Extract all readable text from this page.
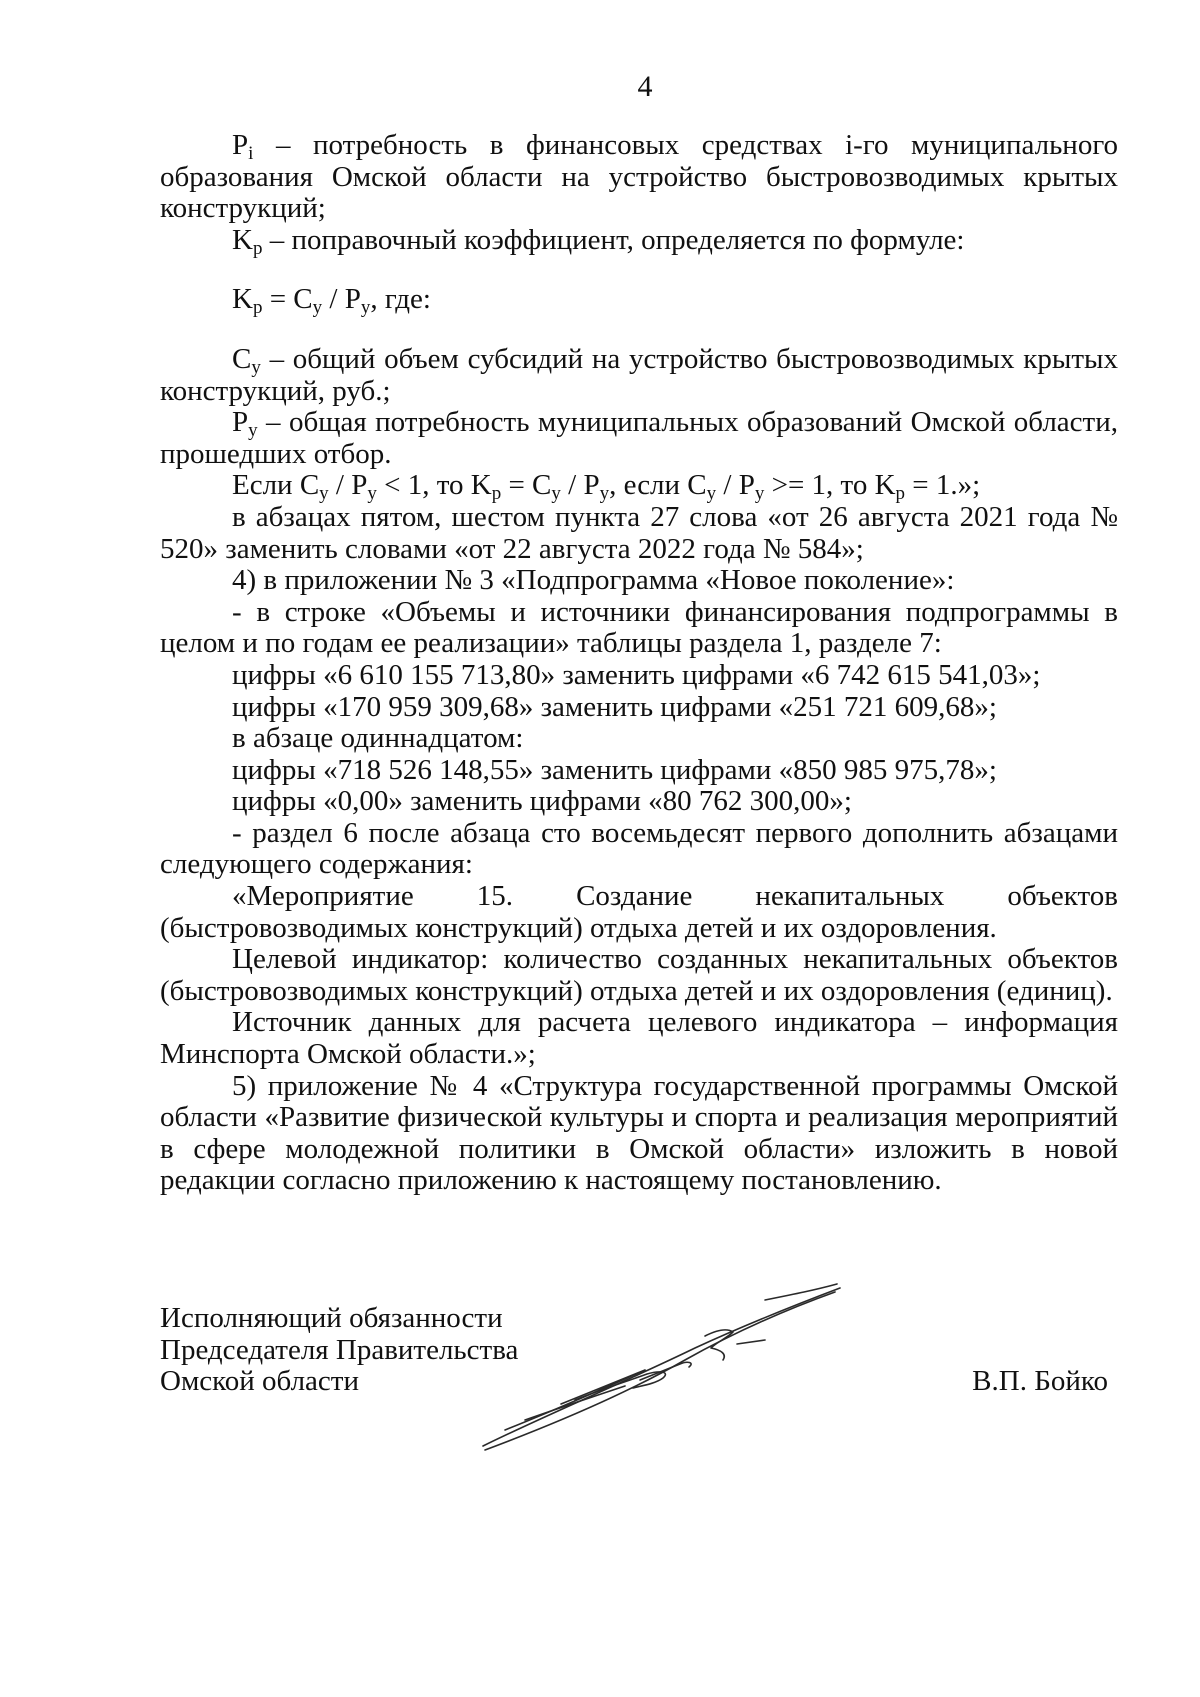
4

$P_i$ – потребность в финансовых средствах i-го муниципального образования Омской области на устройство быстровозводимых крытых конструкций;

$K_p$ – поправочный коэффициент, определяется по формуле:

$K_p = C_y / P_y$, где:

$C_y$ – общий объем субсидий на устройство быстровозводимых крытых конструкций, руб.;

$P_y$ – общая потребность муниципальных образований Омской области, прошедших отбор.

Если $C_y / P_y < 1$, то $K_p = C_y / P_y$, если $C_y / P_y >= 1$, то $K_p = 1$.»;

в абзацах пятом, шестом пункта 27 слова «от 26 августа 2021 года № 520» заменить словами «от 22 августа 2022 года № 584»;

4) в приложении № 3 «Подпрограмма «Новое поколение»:

- в строке «Объемы и источники финансирования подпрограммы в целом и по годам ее реализации» таблицы раздела 1, разделе 7:

цифры «6 610 155 713,80» заменить цифрами «6 742 615 541,03»;

цифры «170 959 309,68» заменить цифрами «251 721 609,68»;

в абзаце одиннадцатом:

цифры «718 526 148,55» заменить цифрами «850 985 975,78»;

цифры «0,00» заменить цифрами «80 762 300,00»;

- раздел 6 после абзаца сто восемьдесят первого дополнить абзацами следующего содержания:

«Мероприятие 15. Создание некапитальных объектов (быстровозводимых конструкций) отдыха детей и их оздоровления.

Целевой индикатор: количество созданных некапитальных объектов (быстровозводимых конструкций) отдыха детей и их оздоровления (единиц).

Источник данных для расчета целевого индикатора – информация Минспорта Омской области.»;

5) приложение № 4 «Структура государственной программы Омской области «Развитие физической культуры и спорта и реализация мероприятий в сфере молодежной политики в Омской области» изложить в новой редакции согласно приложению к настоящему постановлению.

Исполняющий обязанности
Председателя Правительства
Омской области	В.П. Бойко
